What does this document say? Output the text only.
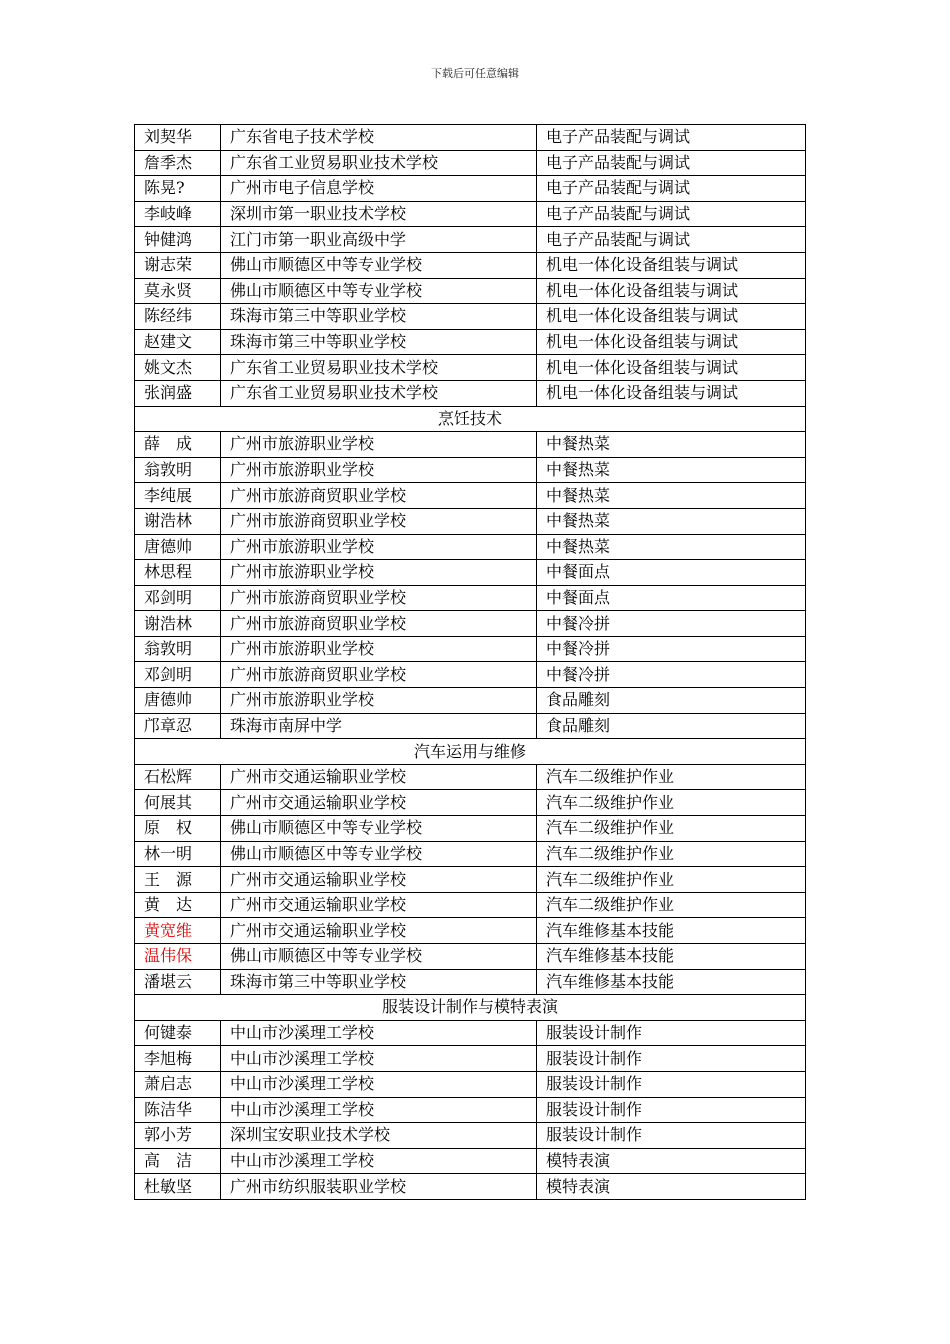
下载后可任意编辑
刘契华	广东省电子技术学校	电子产品装配与调试
詹季杰	广东省工业贸易职业技术学校	电子产品装配与调试
陈晃?	广州市电子信息学校	电子产品装配与调试
李岐峰	深圳市第一职业技术学校	电子产品装配与调试
钟健鸿	江门市第一职业高级中学	电子产品装配与调试
谢志荣	佛山市顺德区中等专业学校	机电一体化设备组装与调试
莫永贤	佛山市顺德区中等专业学校	机电一体化设备组装与调试
陈经纬	珠海市第三中等职业学校	机电一体化设备组装与调试
赵建文	珠海市第三中等职业学校	机电一体化设备组装与调试
姚文杰	广东省工业贸易职业技术学校	机电一体化设备组装与调试
张润盛	广东省工业贸易职业技术学校	机电一体化设备组装与调试
烹饪技术		
薛　成	广州市旅游职业学校	中餐热菜
翁敦明	广州市旅游职业学校	中餐热菜
李纯展	广州市旅游商贸职业学校	中餐热菜
谢浩林	广州市旅游商贸职业学校	中餐热菜
唐德帅	广州市旅游职业学校	中餐热菜
林思程	广州市旅游职业学校	中餐面点
邓剑明	广州市旅游商贸职业学校	中餐面点
谢浩林	广州市旅游商贸职业学校	中餐冷拼
翁敦明	广州市旅游职业学校	中餐冷拼
邓剑明	广州市旅游商贸职业学校	中餐冷拼
唐德帅	广州市旅游职业学校	食品雕刻
邝章忍	珠海市南屏中学	食品雕刻
汽车运用与维修		
石松辉	广州市交通运输职业学校	汽车二级维护作业
何展其	广州市交通运输职业学校	汽车二级维护作业
原　权	佛山市顺德区中等专业学校	汽车二级维护作业
林一明	佛山市顺德区中等专业学校	汽车二级维护作业
王　源	广州市交通运输职业学校	汽车二级维护作业
黄　达	广州市交通运输职业学校	汽车二级维护作业
黄宽维	广州市交通运输职业学校	汽车维修基本技能
温伟保	佛山市顺德区中等专业学校	汽车维修基本技能
潘堪云	珠海市第三中等职业学校	汽车维修基本技能
服装设计制作与模特表演		
何键泰	中山市沙溪理工学校	服装设计制作
李旭梅	中山市沙溪理工学校	服装设计制作
萧启志	中山市沙溪理工学校	服装设计制作
陈洁华	中山市沙溪理工学校	服装设计制作
郭小芳	深圳宝安职业技术学校	服装设计制作
高　洁	中山市沙溪理工学校	模特表演
杜敏坚	广州市纺织服装职业学校	模特表演
